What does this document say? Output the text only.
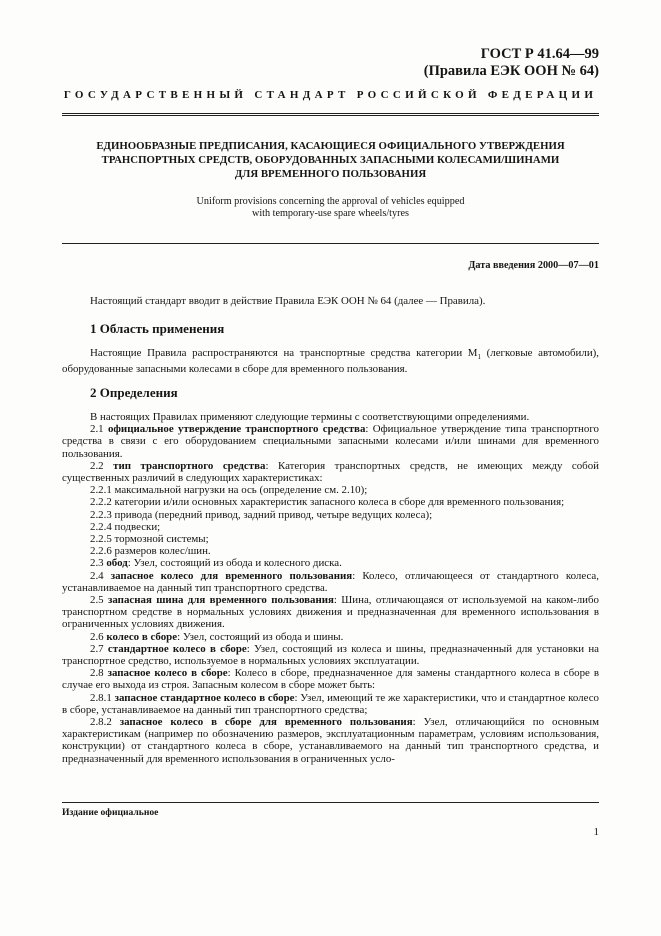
ГОСТ Р 41.64—99
(Правила ЕЭК ООН № 64)
ГОСУДАРСТВЕННЫЙ СТАНДАРТ РОССИЙСКОЙ ФЕДЕРАЦИИ
ЕДИНООБРАЗНЫЕ ПРЕДПИСАНИЯ, КАСАЮЩИЕСЯ ОФИЦИАЛЬНОГО УТВЕРЖДЕНИЯ
ТРАНСПОРТНЫХ СРЕДСТВ, ОБОРУДОВАННЫХ ЗАПАСНЫМИ КОЛЕСАМИ/ШИНАМИ
ДЛЯ ВРЕМЕННОГО ПОЛЬЗОВАНИЯ
Uniform provisions concerning the approval of vehicles equipped
with temporary-use spare wheels/tyres
Дата введения 2000—07—01

Настоящий стандарт вводит в действие Правила ЕЭК ООН № 64 (далее — Правила).

1 Область применения

Настоящие Правила распространяются на транспортные средства категории $M_1$ (легковые автомобили), оборудованные запасными колесами в сборе для временного пользования.

2 Определения

В настоящих Правилах применяют следующие термины с соответствующими определениями.

2.1 официальное утверждение транспортного средства: Официальное утверждение типа транспортного средства в связи с его оборудованием специальными запасными колесами и/или шинами для временного пользования.

2.2 тип транспортного средства: Категория транспортных средств, не имеющих между собой существенных различий в следующих характеристиках:

2.2.1 максимальной нагрузки на ось (определение см. 2.10);

2.2.2 категории и/или основных характеристик запасного колеса в сборе для временного пользования;

2.2.3 привода (передний привод, задний привод, четыре ведущих колеса);

2.2.4 подвески;

2.2.5 тормозной системы;

2.2.6 размеров колес/шин.

2.3 обод: Узел, состоящий из обода и колесного диска.

2.4 запасное колесо для временного пользования: Колесо, отличающееся от стандартного колеса, устанавливаемое на данный тип транспортного средства.

2.5 запасная шина для временного пользования: Шина, отличающаяся от используемой на каком-либо транспортном средстве в нормальных условиях движения и предназначенная для временного использования в ограниченных условиях движения.

2.6 колесо в сборе: Узел, состоящий из обода и шины.

2.7 стандартное колесо в сборе: Узел, состоящий из колеса и шины, предназначенный для установки на транспортное средство, используемое в нормальных условиях эксплуатации.

2.8 запасное колесо в сборе: Колесо в сборе, предназначенное для замены стандартного колеса в сборе в случае его выхода из строя. Запасным колесом в сборе может быть:

2.8.1 запасное стандартное колесо в сборе: Узел, имеющий те же характеристики, что и стандартное колесо в сборе, устанавливаемое на данный тип транспортного средства;

2.8.2 запасное колесо в сборе для временного пользования: Узел, отличающийся по основным характеристикам (например по обозначению размеров, эксплуатационным параметрам, условиям использования, конструкции) от стандартного колеса в сборе, устанавливаемого на данный тип транспортного средства, и предназначенный для временного использования в ограниченных усло-

Издание официальное
1
